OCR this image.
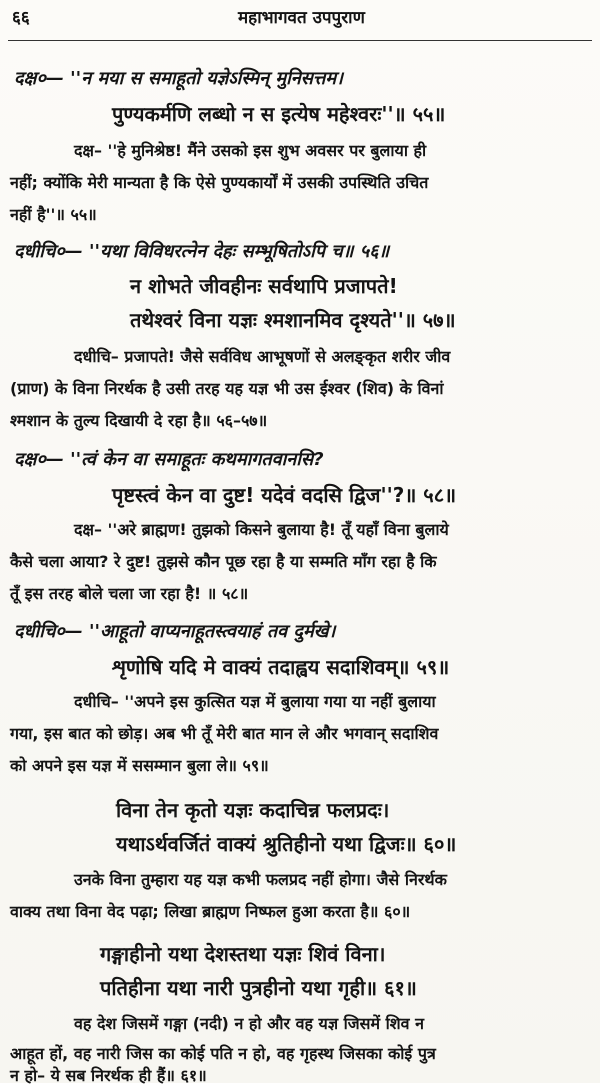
६६	महाभागवत उपपुराण
दक्ष०— ''न मया स समाहूतो यज्ञेऽस्मिन् मुनिसत्तम।
पुण्यकर्मणि लब्धो न स इत्येष महेश्वरः''॥ ५५॥
दक्ष– ''हे मुनिश्रेष्ठ! मैंने उसको इस शुभ अवसर पर बुलाया ही
नहीं; क्योंकि मेरी मान्यता है कि ऐसे पुण्यकार्यों में उसकी उपस्थिति उचित
नहीं है''॥ ५५॥
दधीचि०— ''यथा विविधरत्नेन देहः सम्भूषितोऽपि च॥ ५६॥
न शोभते जीवहीनः सर्वथापि प्रजापते!
तथेश्वरं विना यज्ञः श्मशानमिव दृश्यते''॥ ५७॥
दधीचि– प्रजापते! जैसे सर्वविध आभूषणों से अलङ्कृत शरीर जीव
(प्राण) के विना निरर्थक है उसी तरह यह यज्ञ भी उस ईश्वर (शिव) के विनां
श्मशान के तुल्य दिखायी दे रहा है॥ ५६–५७॥
दक्ष०— ''त्वं केन वा समाहूतः कथमागतवानसि?
पृष्टस्त्वं केन वा दुष्ट! यदेवं वदसि द्विज''?॥ ५८॥
दक्ष– ''अरे ब्राह्मण! तुझको किसने बुलाया है! तूँ यहाँ विना बुलाये
कैसे चला आया? रे दुष्ट! तुझसे कौन पूछ रहा है या सम्मति माँग रहा है कि
तूँ इस तरह बोले चला जा रहा है! ॥ ५८॥
दधीचि०— ''आहूतो वाप्यनाहूतस्त्वयाहं तव दुर्मखे।
शृणोषि यदि मे वाक्यं तदाह्वय सदाशिवम्॥ ५९॥
दधीचि– ''अपने इस कुत्सित यज्ञ में बुलाया गया या नहीं बुलाया
गया, इस बात को छोड़। अब भी तूँ मेरी बात मान ले और भगवान् सदाशिव
को अपने इस यज्ञ में ससम्मान बुला ले॥ ५९॥
विना तेन कृतो यज्ञः कदाचिन्न फलप्रदः।
यथाऽर्थवर्जितं वाक्यं श्रुतिहीनो यथा द्विजः॥ ६०॥
उनके विना तुम्हारा यह यज्ञ कभी फलप्रद नहीं होगा। जैसे निरर्थक
वाक्य तथा विना वेद पढ़ा; लिखा ब्राह्मण निष्फल हुआ करता है॥ ६०॥
गङ्गाहीनो यथा देशस्तथा यज्ञः शिवं विना।
पतिहीना यथा नारी पुत्रहीनो यथा गृही॥ ६१॥
वह देश जिसमें गङ्गा (नदी) न हो और वह यज्ञ जिसमें शिव न
आहूत हों, वह नारी जिस का कोई पति न हो, वह गृहस्थ जिसका कोई पुत्र
न हो– ये सब निरर्थक ही हैं॥ ६१॥
